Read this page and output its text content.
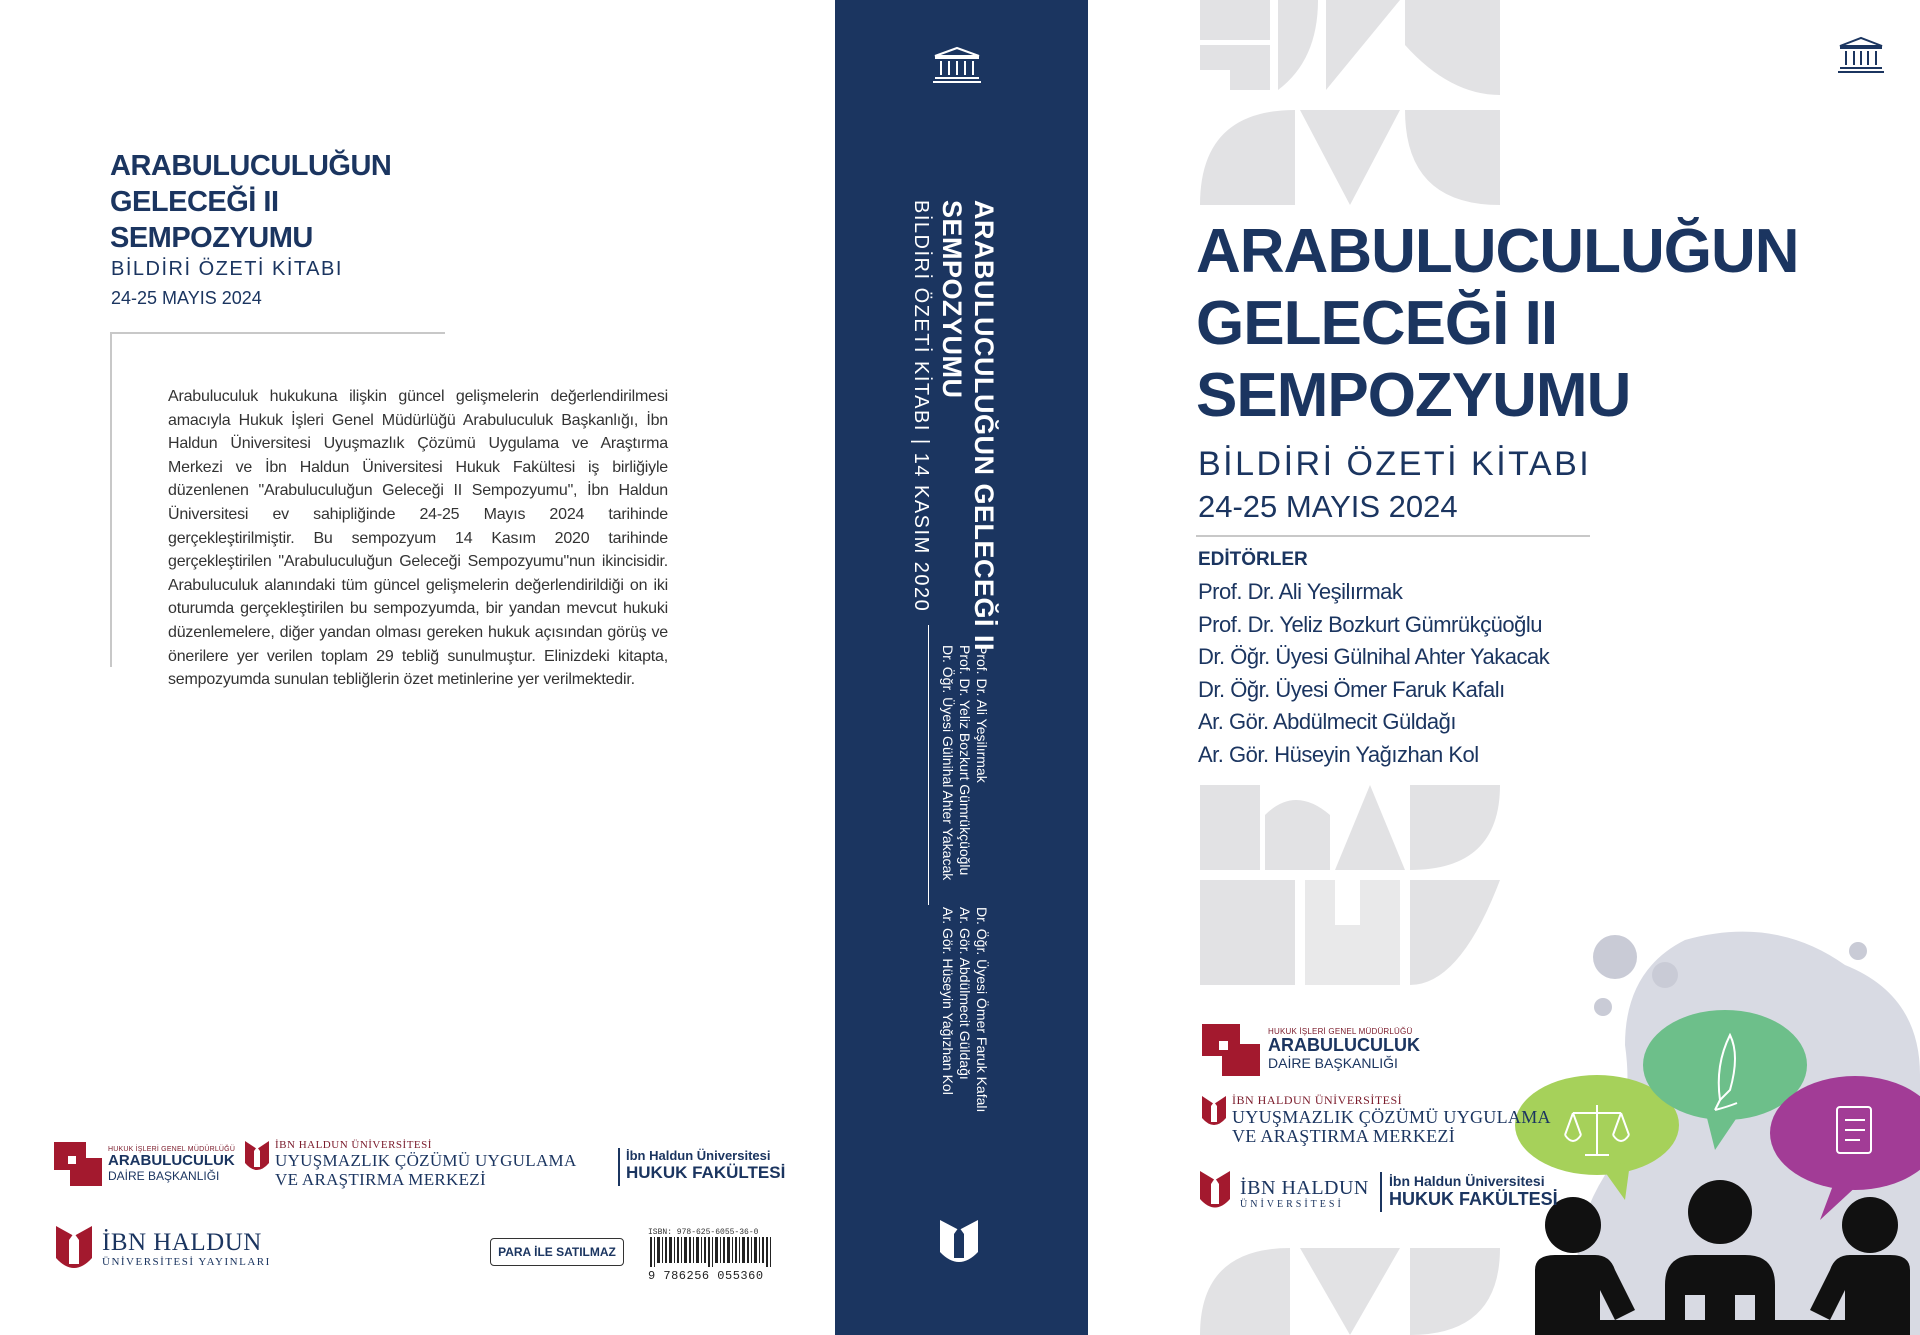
ARABULUCULUĞUN
GELECEĞİ II
SEMPOZYUMU
BİLDİRİ ÖZETİ KİTABI
24-25 MAYIS 2024
Arabuluculuk hukukuna ilişkin güncel gelişmelerin değerlendirilmesi amacıyla Hukuk İşleri Genel Müdürlüğü Arabuluculuk Başkanlığı, İbn Haldun Üniversitesi Uyuşmazlık Çözümü Uygulama ve Araştırma Merkezi ve İbn Haldun Üniversitesi Hukuk Fakültesi iş birliğiyle düzenlenen "Arabuluculuğun Geleceği II Sempozyumu", İbn Haldun Üniversitesi ev sahipliğinde 24-25 Mayıs 2024 tarihinde gerçekleştirilmiştir. Bu sempozyum 14 Kasım 2020 tarihinde gerçekleştirilen "Arabuluculuğun Geleceği Sempozyumu"nun ikincisidir. Arabuluculuk alanındaki tüm güncel gelişmelerin değerlendirildiği on iki oturumda gerçekleştirilen bu sempozyumda, bir yandan mevcut hukuki düzenlemelere, diğer yandan olması gereken hukuk açısından görüş ve önerilere yer verilen toplam 29 tebliğ sunulmuştur. Elinizdeki kitapta, sempozyumda sunulan tebliğlerin özet metinlerine yer verilmektedir.
HUKUK İŞLERİ GENEL MÜDÜRLÜĞÜ
ARABULUCULUK
DAİRE BAŞKANLIĞI
İBN HALDUN ÜNİVERSİTESİ
UYUŞMAZLIK ÇÖZÜMÜ UYGULAMA
VE ARAŞTIRMA MERKEZİ
İbn Haldun Üniversitesi
HUKUK FAKÜLTESİ
İBN HALDUN
ÜNİVERSİTESİ YAYINLARI
PARA İLE SATILMAZ
ISBN: 978-625-6055-36-0
9 786256 055360
ARABULUCULUĞUN GELECEĞİ II
SEMPOZYUMU
BİLDİRİ ÖZETİ KİTABI | 14 KASIM 2020
Prof. Dr. Ali Yeşilırmak
Prof. Dr. Yeliz Bozkurt Gümrükçüoğlu
Dr. Öğr. Üyesi Gülnihal Ahter Yakacak
Dr. Öğr. Üyesi Ömer Faruk Kafalı
Ar. Gör. Abdülmecit Güldağı
Ar. Gör. Hüseyin Yağızhan Kol
ARABULUCULUĞUN
GELECEĞİ II
SEMPOZYUMU
BİLDİRİ ÖZETİ KİTABI
24-25 MAYIS 2024
EDİTÖRLER
Prof. Dr. Ali Yeşilırmak
Prof. Dr. Yeliz Bozkurt Gümrükçüoğlu
Dr. Öğr. Üyesi Gülnihal Ahter Yakacak
Dr. Öğr. Üyesi Ömer Faruk Kafalı
Ar. Gör. Abdülmecit Güldağı
Ar. Gör. Hüseyin Yağızhan Kol
HUKUK İŞLERİ GENEL MÜDÜRLÜĞÜ
ARABULUCULUK
DAİRE BAŞKANLIĞI
İBN HALDUN ÜNİVERSİTESİ
UYUŞMAZLIK ÇÖZÜMÜ UYGULAMA
VE ARAŞTIRMA MERKEZİ
İBN HALDUN
ÜNİVERSİTESİ
İbn Haldun Üniversitesi
HUKUK FAKÜLTESİ
